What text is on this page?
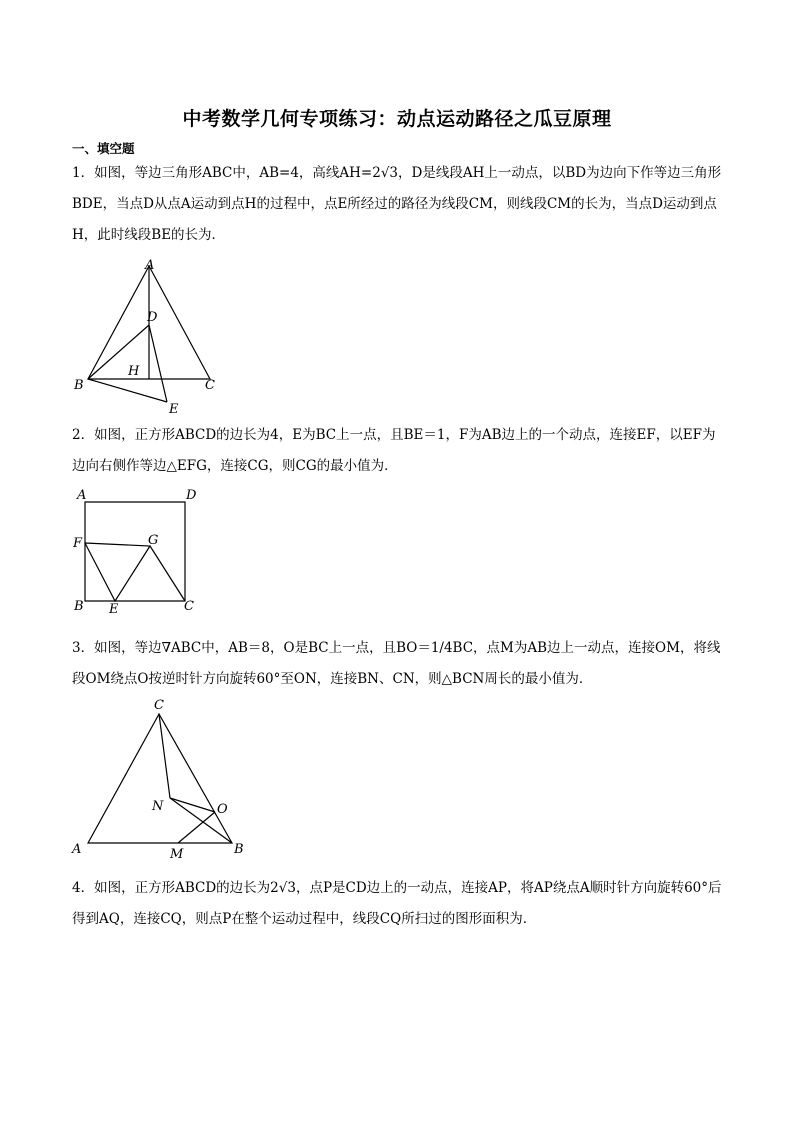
中考数学几何专项练习：动点运动路径之瓜豆原理
一、填空题
1．如图，等边三角形ABC中，AB=4，高线AH=2√3，D是线段AH上一动点，以BD为边向下作等边三角形BDE，当点D从点A运动到点H的过程中，点E所经过的路径为线段CM，则线段CM的长为，当点D运动到点H，此时线段BE的长为．
A
B	C
D
H
E
2．如图，正方形ABCD的边长为4，E为BC上一点，且BE＝1，F为AB边上的一个动点，连接EF，以EF为边向右侧作等边△EFG，连接CG，则CG的最小值为．
A	D
F	G
B E	C
3．如图，等边∇ABC中，AB＝8，O是BC上一点，且BO＝1/4BC，点M为AB边上一动点，连接OM，将线段OM绕点O按逆时针方向旋转60°至ON，连接BN、CN，则△BCN周长的最小值为．
C
N	O
A	M	B
4．如图，正方形ABCD的边长为2√3，点P是CD边上的一动点，连接AP，将AP绕点A顺时针方向旋转60°后得到AQ，连接CQ，则点P在整个运动过程中，线段CQ所扫过的图形面积为．
